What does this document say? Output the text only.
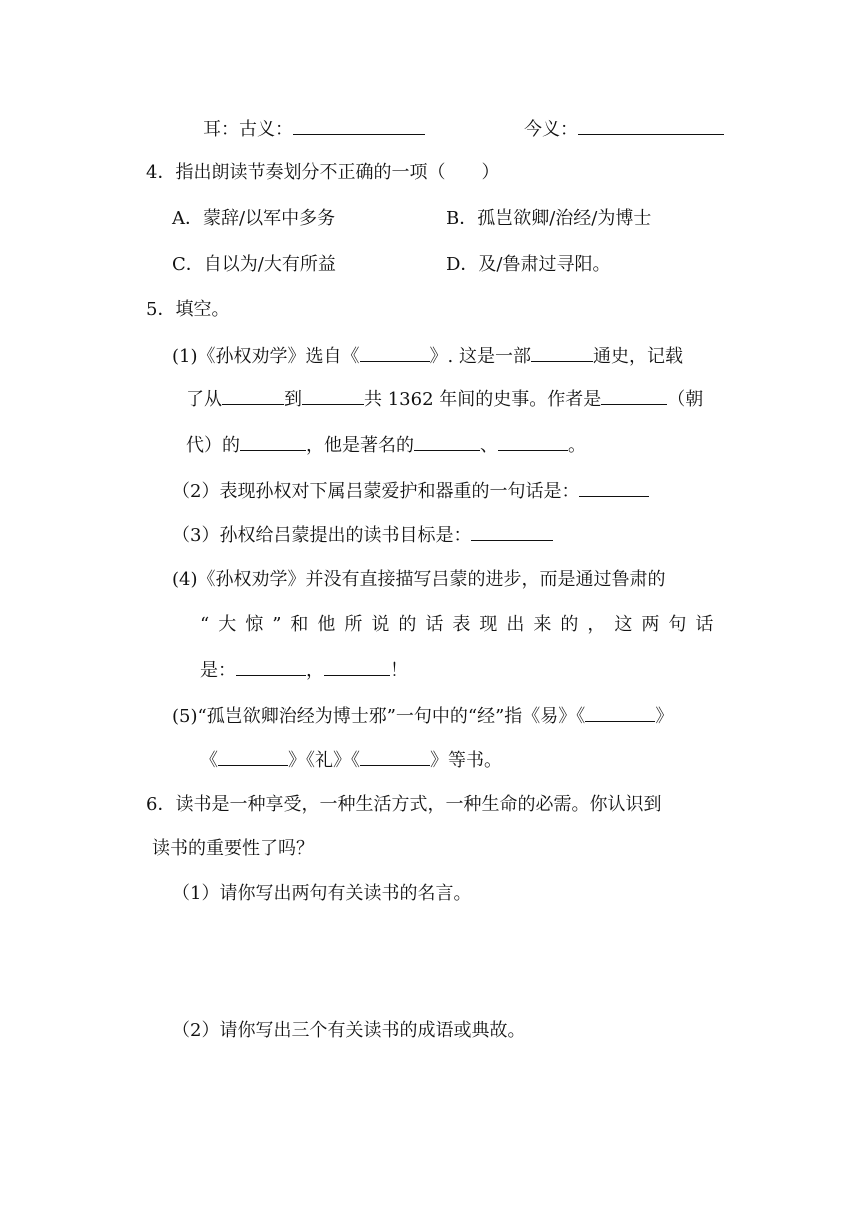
耳：古义：	今义：
4．指出朗读节奏划分不正确的一项（　　）
A．蒙辞/以军中多务	B．孤岂欲卿/治经/为博士
C．自以为/大有所益	D．及/鲁肃过寻阳。
5．填空。
(1)《孙权劝学》选自《	》. 这是一部	通史，记载
了从	到	共 1362 年间的史事。作者是	（朝
代）的	，他是著名的	、	。
（2）表现孙权对下属吕蒙爱护和器重的一句话是：
（3）孙权给吕蒙提出的读书目标是：
(4)《孙权劝学》并没有直接描写吕蒙的进步，而是通过鲁肃的
“大惊”和他所说的话表现出来的，这两句话
是：	，	！
(5)“孤岂欲卿治经为博士邪”一句中的“经”指《易》《	》
《	》《礼》《	》等书。
6．读书是一种享受，一种生活方式，一种生命的必需。你认识到
读书的重要性了吗？
（1）请你写出两句有关读书的名言。
（2）请你写出三个有关读书的成语或典故。
